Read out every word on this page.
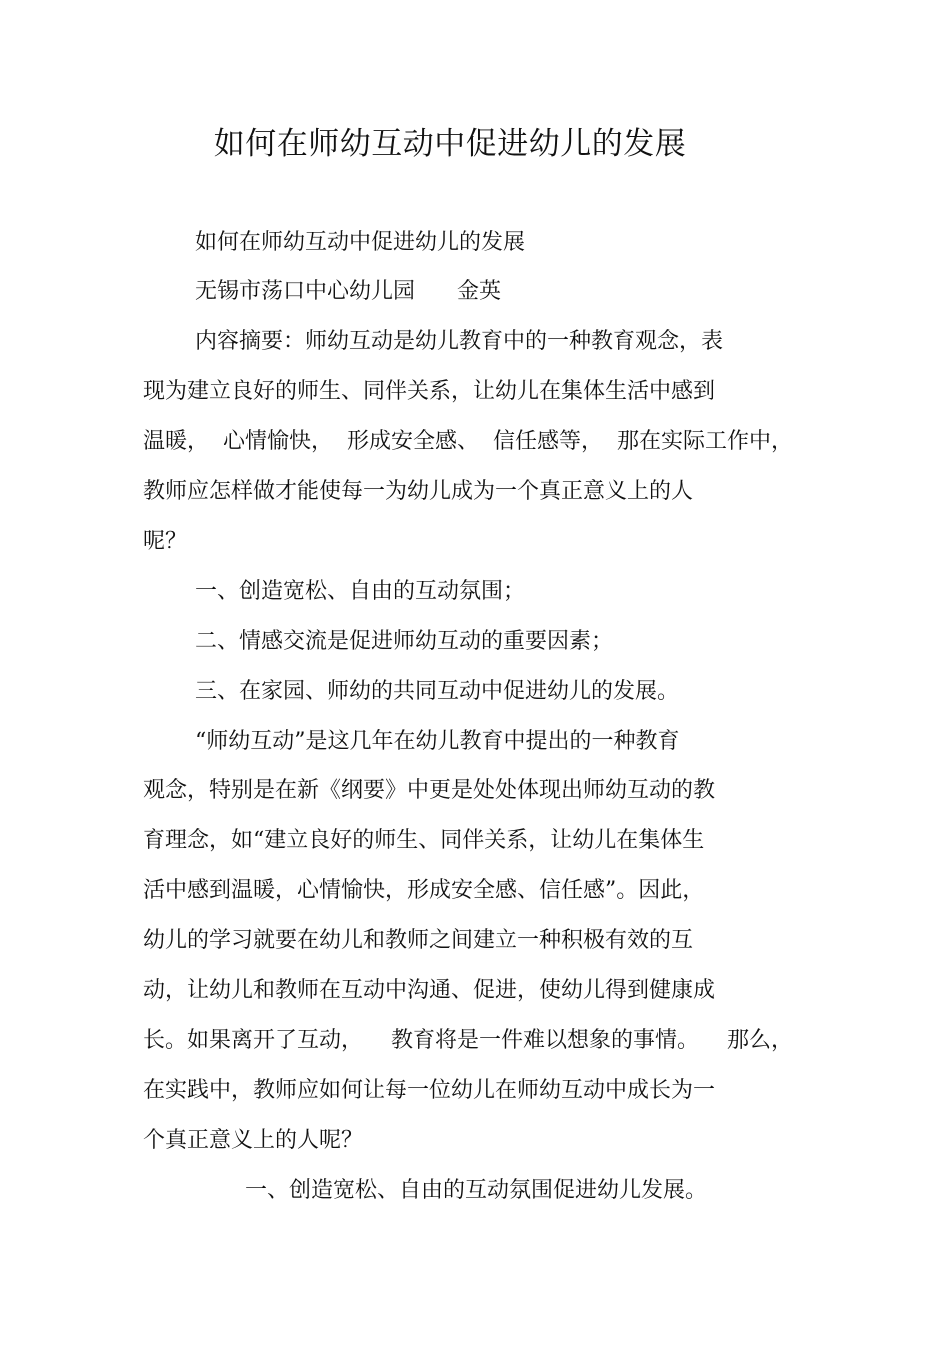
如何在师幼互动中促进幼儿的发展
如何在师幼互动中促进幼儿的发展
无锡市荡口中心幼儿园      金英
内容摘要：师幼互动是幼儿教育中的一种教育观念，表
现为建立良好的师生、同伴关系，让幼儿在集体生活中感到
温暖，  心情愉快，  形成安全感、  信任感等，  那在实际工作中，
教师应怎样做才能使每一为幼儿成为一个真正意义上的人
呢？
一、创造宽松、自由的互动氛围；
二、情感交流是促进师幼互动的重要因素；
三、在家园、师幼的共同互动中促进幼儿的发展。
“师幼互动”是这几年在幼儿教育中提出的一种教育
观念，特别是在新《纲要》中更是处处体现出师幼互动的教
育理念，如“建立良好的师生、同伴关系，让幼儿在集体生
活中感到温暖，心情愉快，形成安全感、信任感”。因此，
幼儿的学习就要在幼儿和教师之间建立一种积极有效的互
动，让幼儿和教师在互动中沟通、促进，使幼儿得到健康成
长。如果离开了互动，    教育将是一件难以想象的事情。    那么，
在实践中，教师应如何让每一位幼儿在师幼互动中成长为一
个真正意义上的人呢？
一、创造宽松、自由的互动氛围促进幼儿发展。
